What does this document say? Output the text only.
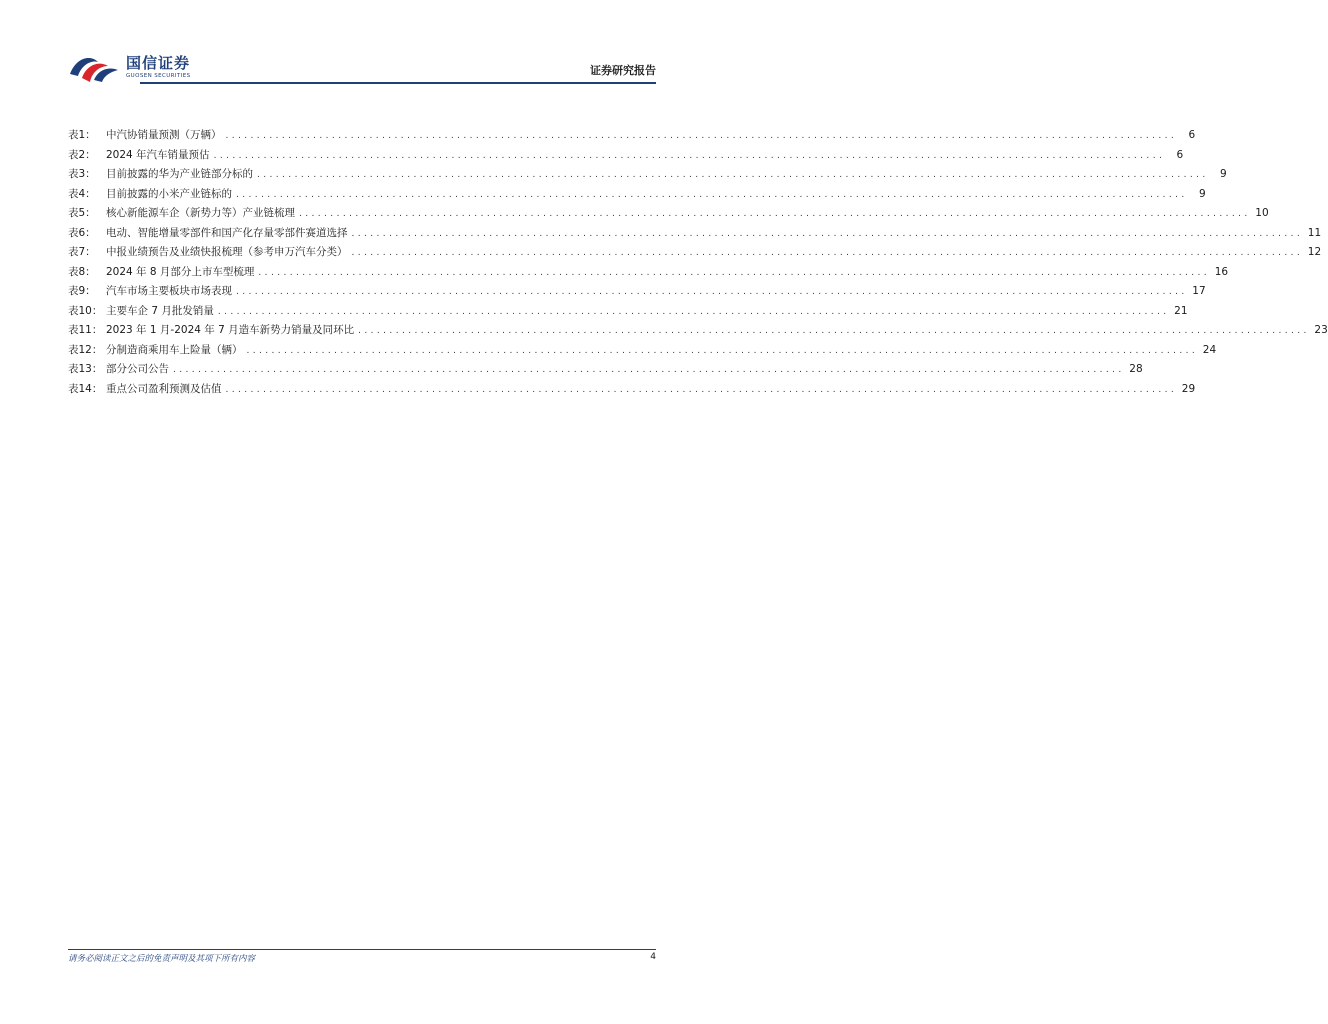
国信证券
GUOSEN SECURITIES	证券研究报告
表1： 中汽协销量预测（万辆） ........................................................................................................................................................	6
表2： 2024 年汽车销量预估 ........................................................................................................................................................	6
表3： 目前披露的华为产业链部分标的 ........................................................................................................................................................	9
表4： 目前披露的小米产业链标的 ........................................................................................................................................................	9
表5： 核心新能源车企（新势力等）产业链梳理 ........................................................................................................................................................ 10
表6： 电动、智能增量零部件和国产化存量零部件赛道选择 ........................................................................................................................................................ 11
表7： 中报业绩预告及业绩快报梳理（参考申万汽车分类） ........................................................................................................................................................ 12
表8： 2024 年 8 月部分上市车型梳理 ........................................................................................................................................................ 16
表9： 汽车市场主要板块市场表现 ........................................................................................................................................................ 17
表10： 主要车企 7 月批发销量 ........................................................................................................................................................ 21
表11： 2023 年 1 月-2024 年 7 月造车新势力销量及同环比 ........................................................................................................................................................ 23
表12： 分制造商乘用车上险量（辆） ........................................................................................................................................................ 24
表13： 部分公司公告 ........................................................................................................................................................ 28
表14： 重点公司盈利预测及估值 ........................................................................................................................................................ 29
请务必阅读正文之后的免责声明及其项下所有内容	4
